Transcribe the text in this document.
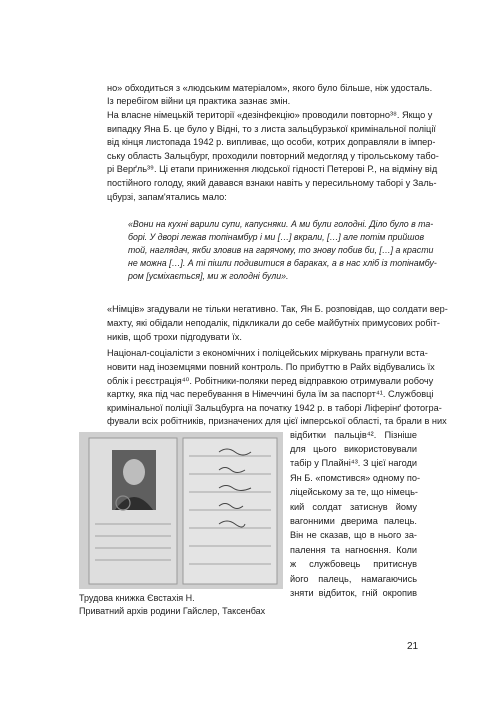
но» обходиться з «людським матеріалом», якого було більше, ніж удосталь.
Із перебігом війни ця практика зазнає змін.
На власне німецькій території «дезінфекцію» проводили повторно³⁸. Якщо у
випадку Яна Б. це було у Відні, то з листа зальцбурзької кримінальної поліції
від кінця листопада 1942 р. випливає, що особи, котрих доправляли в імпер-
ську область Зальцбург, проходили повторний медогляд у тірольському табо-
рі Верґль³⁹. Ці етапи приниження людської гідності Петерові Р., на відміну від
постійного голоду, який давався взнаки навіть у пересильному таборі у Заль-
цбурзі, запам'ятались мало:
«Вони на кухні варили супи, капусняки. А ми були голодні. Діло було в та-
борі. У дворі лежав топінамбур і ми […] вкрали, […] але потім прийшов
той, наглядач, якби зловив на гарячому, то знову побив би, […] а красти
не можна […]. А ті пішли подивитися в бараках, а в нас хліб із топінамбу-
ром [усміхається], ми ж голодні були».
«Німців» згадували не тільки негативно. Так, Ян Б. розповідав, що солдати вер-
махту, які обідали неподалік, підкликали до себе майбутніх примусових робіт-
ників, щоб трохи підгодувати їх.
Націонал-соціалісти з економічних і поліцейських міркувань прагнули вста-
новити над іноземцями повний контроль. По прибуттю в Райх відбувались їх
облік і реєстрація⁴⁰. Робітники-поляки перед відправкою отримували робочу
картку, яка під час перебування в Німеччині була їм за паспорт⁴¹. Службовці
кримінальної поліції Зальцбурга на початку 1942 р. в таборі Ліферінґ фотогра-
фували всіх робітників, призначених для цієї імперської області, та брали в них
відбитки пальців⁴². Пізніше
для цього використовували
табір у Плайні⁴³. З цієї нагоди
Ян Б. «помстився» одному по-
ліцейському за те, що німець-
кий солдат затиснув йому
вагонними дверима палець.
Він не сказав, що в нього за-
палення та нагноєння. Коли
ж службовець притиснув
його палець, намагаючись
зняти відбиток, гній окропив
Трудова книжка Євстахія Н.
Приватний архів родини Гайслер, Таксенбах
21
